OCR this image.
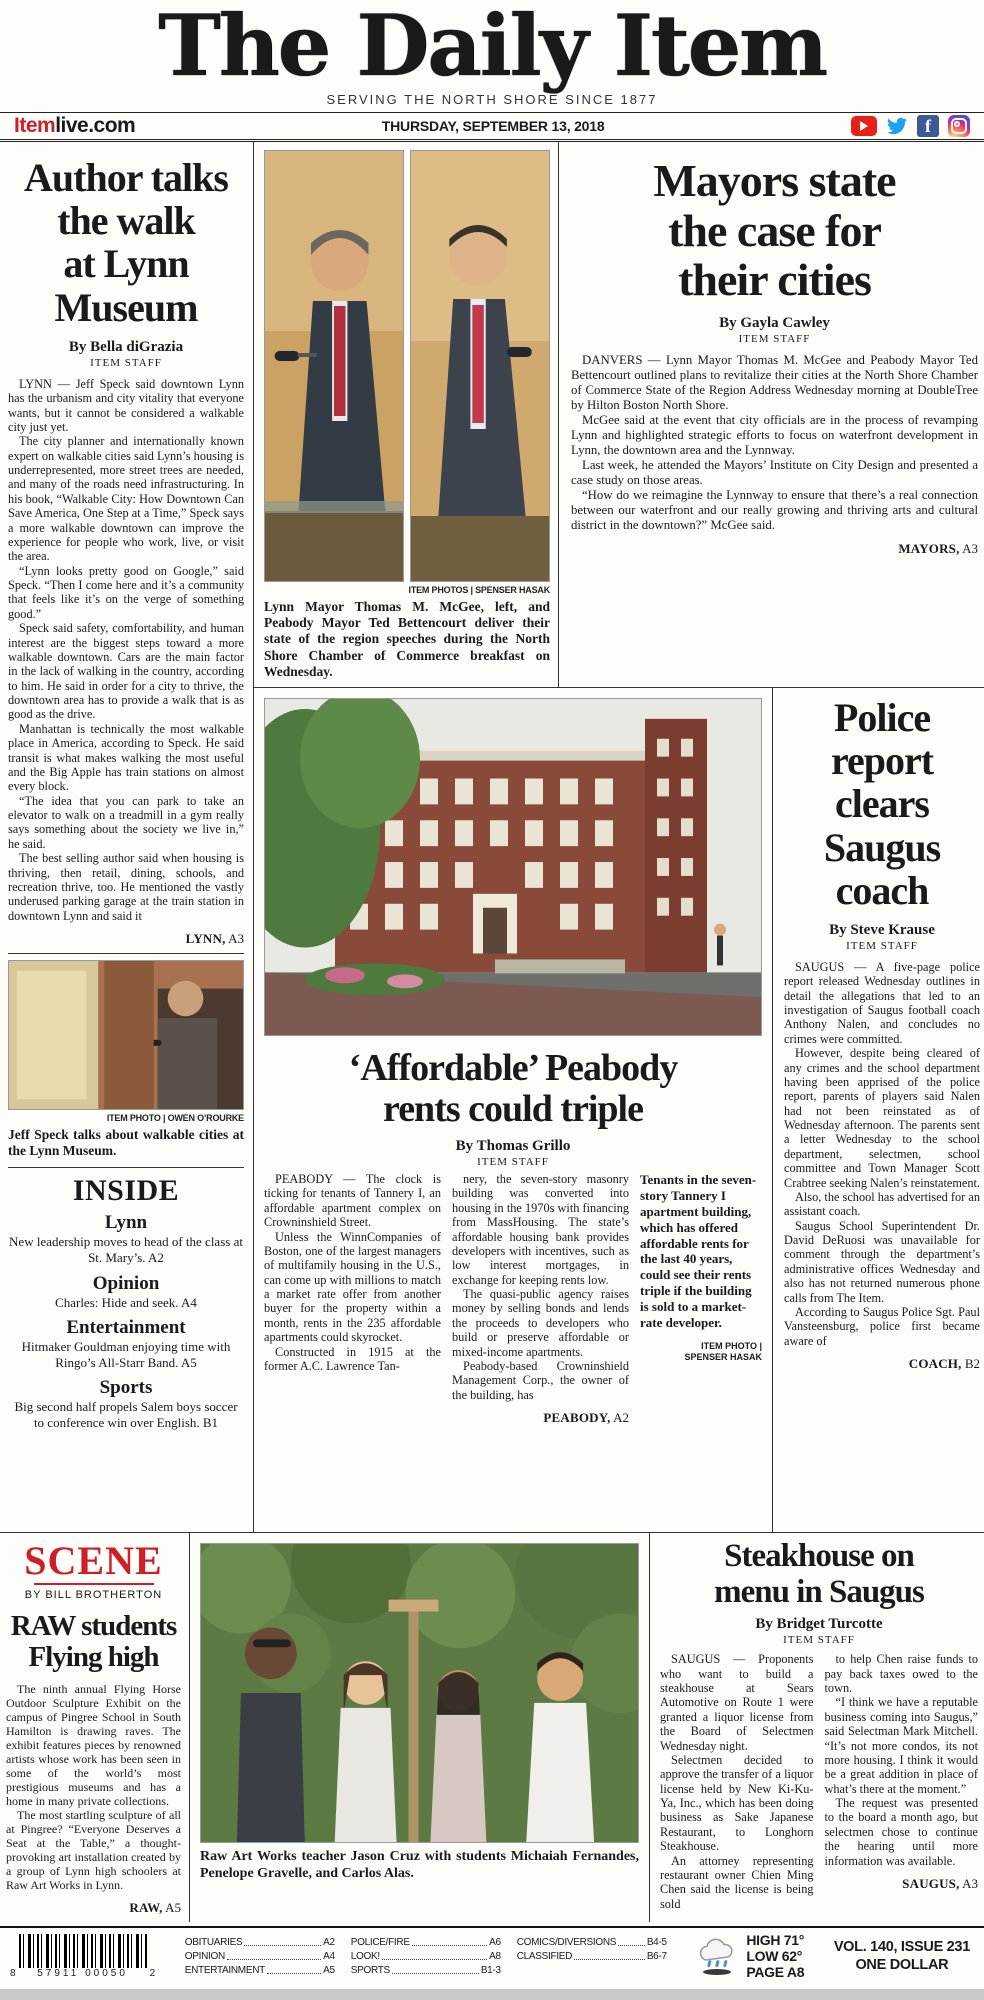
The Daily Item
SERVING THE NORTH SHORE SINCE 1877
Itemlive.com	THURSDAY, SEPTEMBER 13, 2018	f
Author talks
the walk
at Lynn
Museum
By Bella diGrazia
ITEM STAFF

LYNN — Jeff Speck said downtown Lynn has the urbanism and city vitality that everyone wants, but it cannot be considered a walkable city just yet.

The city planner and internationally known expert on walkable cities said Lynn’s housing is underrepresented, more street trees are needed, and many of the roads need infrastructuring. In his book, “Walkable City: How Downtown Can Save America, One Step at a Time,” Speck says a more walkable downtown can improve the experience for people who work, live, or visit the area.

“Lynn looks pretty good on Google,” said Speck. “Then I come here and it’s a community that feels like it’s on the verge of something good.”

Speck said safety, comfortability, and human interest are the biggest steps toward a more walkable downtown. Cars are the main factor in the lack of walking in the country, according to him. He said in order for a city to thrive, the downtown area has to provide a walk that is as good as the drive.

Manhattan is technically the most walkable place in America, according to Speck. He said transit is what makes walking the most useful and the Big Apple has train stations on almost every block.

“The idea that you can park to take an elevator to walk on a treadmill in a gym really says something about the society we live in,” he said.

The best selling author said when housing is thriving, then retail, dining, schools, and recreation thrive, too. He mentioned the vastly underused parking garage at the train station in downtown Lynn and said it

LYNN, A3
ITEM PHOTO | OWEN O’ROURKE

Jeff Speck talks about walkable cities at the Lynn Museum.

INSIDE
Lynn
New leadership moves to head of the class at St. Mary’s. A2
Opinion
Charles: Hide and seek. A4
Entertainment
Hitmaker Gouldman enjoying time with Ringo’s All-Starr Band. A5
Sports
Big second half propels Salem boys soccer to conference win over English. B1
ITEM PHOTOS | SPENSER HASAK

Lynn Mayor Thomas M. McGee, left, and Peabody Mayor Ted Bettencourt deliver their state of the region speeches during the North Shore Chamber of Commerce breakfast on Wednesday.

Mayors state
the case for
their cities
By Gayla Cawley
ITEM STAFF

DANVERS — Lynn Mayor Thomas M. McGee and Peabody Mayor Ted Bettencourt outlined plans to revitalize their cities at the North Shore Chamber of Commerce State of the Region Address Wednesday morning at DoubleTree by Hilton Boston North Shore.

McGee said at the event that city officials are in the process of revamping Lynn and highlighted strategic efforts to focus on waterfront development in Lynn, the downtown area and the Lynnway.

Last week, he attended the Mayors’ Institute on City Design and presented a case study on those areas.

“How do we reimagine the Lynnway to ensure that there’s a real connection between our waterfront and our really growing and thriving arts and cultural district in the downtown?” McGee said.

MAYORS, A3
‘Affordable’ Peabody
rents could triple
By Thomas Grillo
ITEM STAFF

PEABODY — The clock is ticking for tenants of Tannery I, an affordable apartment complex on Crowninshield Street.

Unless the WinnCompanies of Boston, one of the largest managers of multifamily housing in the U.S., can come up with millions to match a market rate offer from another buyer for the property within a month, rents in the 235 affordable apartments could skyrocket.

Constructed in 1915 at the former A.C. Lawrence Tan-

nery, the seven-story masonry building was converted into housing in the 1970s with financing from MassHousing. The state’s affordable housing bank provides developers with incentives, such as low interest mortgages, in exchange for keeping rents low.

The quasi-public agency raises money by selling bonds and lends the proceeds to developers who build or preserve affordable or mixed-income apartments.

Peabody-based Crowninshield Management Corp., the owner of the building, has

PEABODY, A2

Tenants in the seven-story Tannery I apartment building, which has offered affordable rents for the last 40 years, could see their rents triple if the building is sold to a market-rate developer.

ITEM PHOTO |
SPENSER HASAK
Police
report
clears
Saugus
coach
By Steve Krause
ITEM STAFF

SAUGUS — A five-page police report released Wednesday outlines in detail the allegations that led to an investigation of Saugus football coach Anthony Nalen, and concludes no crimes were committed.

However, despite being cleared of any crimes and the school department having been apprised of the police report, parents of players said Nalen had not been reinstated as of Wednesday afternoon. The parents sent a letter Wednesday to the school department, selectmen, school committee and Town Manager Scott Crabtree seeking Nalen’s reinstatement.

Also, the school has advertised for an assistant coach.

Saugus School Superintendent Dr. David DeRuosi was unavailable for comment through the department’s administrative offices Wednesday and also has not returned numerous phone calls from The Item.

According to Saugus Police Sgt. Paul Vansteensburg, police first became aware of

COACH, B2
SCENE
BY BILL BROTHERTON
RAW students
Flying high

The ninth annual Flying Horse Outdoor Sculpture Exhibit on the campus of Pingree School in South Hamilton is drawing raves. The exhibit features pieces by renowned artists whose work has been seen in some of the world’s most prestigious museums and has a home in many private collections.

The most startling sculpture of all at Pingree? “Everyone Deserves a Seat at the Table,” a thought-provoking art installation created by a group of Lynn high schoolers at Raw Art Works in Lynn.

RAW, A5

Raw Art Works teacher Jason Cruz with students Michaiah Fernandes, Penelope Gravelle, and Carlos Alas.

Steakhouse on
menu in Saugus
By Bridget Turcotte
ITEM STAFF

SAUGUS — Proponents who want to build a steakhouse at Sears Automotive on Route 1 were granted a liquor license from the Board of Selectmen Wednesday night.

Selectmen decided to approve the transfer of a liquor license held by New Ki-Ku-Ya, Inc., which has been doing business as Sake Japanese Restaurant, to Longhorn Steakhouse.

An attorney representing restaurant owner Chien Ming Chen said the license is being sold

to help Chen raise funds to pay back taxes owed to the town.

“I think we have a reputable business coming into Saugus,” said Selectman Mark Mitchell. “It’s not more condos, its not more housing. I think it would be a great addition in place of what’s there at the moment.”

The request was presented to the board a month ago, but selectmen chose to continue the hearing until more information was available.

SAUGUS, A3
8 57911 00050 2
OBITUARIES	A2
OPINION	A4
ENTERTAINMENT	A5
POLICE/FIRE	A6
LOOK!	A8
SPORTS	B1-3
COMICS/DIVERSIONS	B4-5
CLASSIFIED	B6-7
HIGH 71°
LOW 62°
PAGE A8
VOL. 140, ISSUE 231
ONE DOLLAR
